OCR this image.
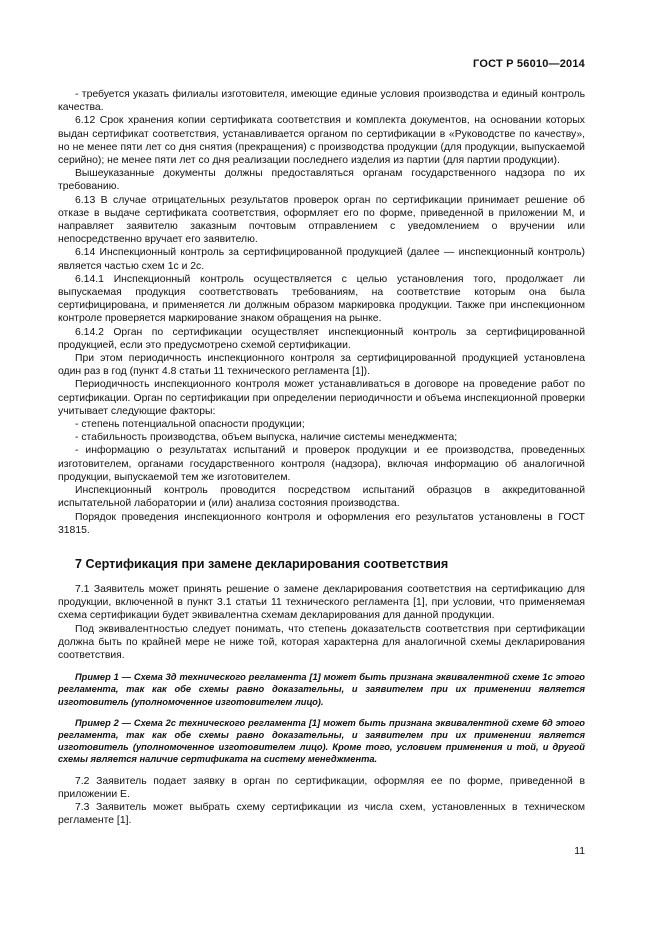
ГОСТ Р 56010—2014

- требуется указать филиалы изготовителя, имеющие единые условия производства и единый контроль качества.

6.12 Срок хранения копии сертификата соответствия и комплекта документов, на основании которых выдан сертификат соответствия, устанавливается органом по сертификации в «Руководстве по качеству», но не менее пяти лет со дня снятия (прекращения) с производства продукции (для продукции, выпускаемой серийно); не менее пяти лет со дня реализации последнего изделия из партии (для партии продукции).

Вышеуказанные документы должны предоставляться органам государственного надзора по их требованию.

6.13 В случае отрицательных результатов проверок орган по сертификации принимает решение об отказе в выдаче сертификата соответствия, оформляет его по форме, приведенной в приложении М, и направляет заявителю заказным почтовым отправлением с уведомлением о вручении или непосредственно вручает его заявителю.

6.14 Инспекционный контроль за сертифицированной продукцией (далее — инспекционный контроль) является частью схем 1с и 2с.

6.14.1 Инспекционный контроль осуществляется с целью установления того, продолжает ли выпускаемая продукция соответствовать требованиям, на соответствие которым она была сертифицирована, и применяется ли должным образом маркировка продукции. Также при инспекционном контроле проверяется маркирование знаком обращения на рынке.

6.14.2 Орган по сертификации осуществляет инспекционный контроль за сертифицированной продукцией, если это предусмотрено схемой сертификации.

При этом периодичность инспекционного контроля за сертифицированной продукцией установлена один раз в год (пункт 4.8 статьи 11 технического регламента [1]).

Периодичность инспекционного контроля может устанавливаться в договоре на проведение работ по сертификации. Орган по сертификации при определении периодичности и объема инспекционной проверки учитывает следующие факторы:

- степень потенциальной опасности продукции;

- стабильность производства, объем выпуска, наличие системы менеджмента;

- информацию о результатах испытаний и проверок продукции и ее производства, проведенных изготовителем, органами государственного контроля (надзора), включая информацию об аналогичной продукции, выпускаемой тем же изготовителем.

Инспекционный контроль проводится посредством испытаний образцов в аккредитованной испытательной лаборатории и (или) анализа состояния производства.

Порядок проведения инспекционного контроля и оформления его результатов установлены в ГОСТ 31815.

7 Сертификация при замене декларирования соответствия

7.1 Заявитель может принять решение о замене декларирования соответствия на сертификацию для продукции, включенной в пункт 3.1 статьи 11 технического регламента [1], при условии, что применяемая схема сертификации будет эквивалентна схемам декларирования для данной продукции.

Под эквивалентностью следует понимать, что степень доказательств соответствия при сертификации должна быть по крайней мере не ниже той, которая характерна для аналогичной схемы декларирования соответствия.

Пример 1 — Схема 3д технического регламента [1] может быть признана эквивалентной схеме 1с этого регламента, так как обе схемы равно доказательны, и заявителем при их применении является изготовитель (уполномоченное изготовителем лицо).

Пример 2 — Схема 2с технического регламента [1] может быть признана эквивалентной схеме 6д этого регламента, так как обе схемы равно доказательны, и заявителем при их применении является изготовитель (уполномоченное изготовителем лицо). Кроме того, условием применения и той, и другой схемы является наличие сертификата на систему менеджмента.

7.2 Заявитель подает заявку в орган по сертификации, оформляя ее по форме, приведенной в приложении Е.

7.3 Заявитель может выбрать схему сертификации из числа схем, установленных в техническом регламенте [1].

11
